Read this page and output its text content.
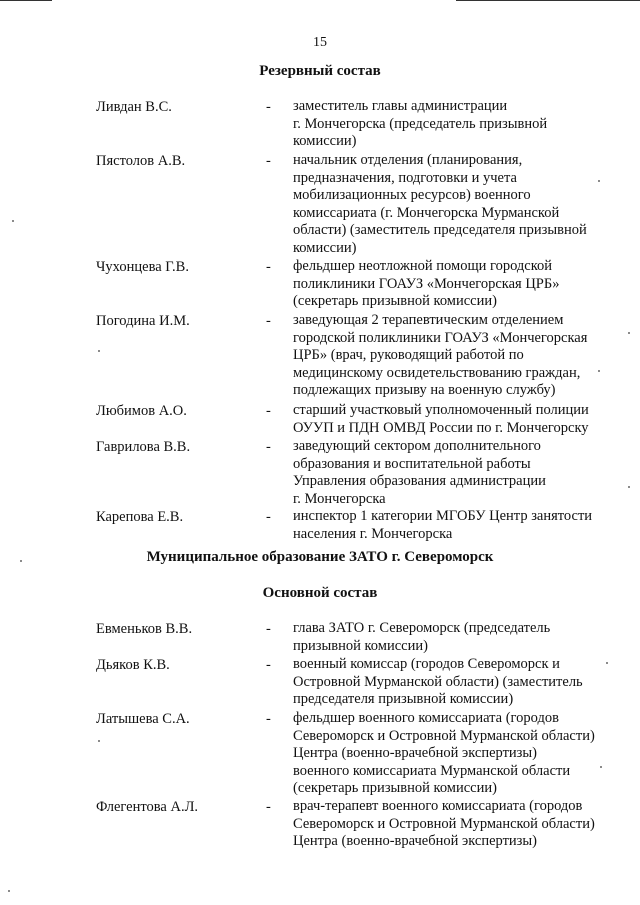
15
Резервный состав
Ливдан В.С.	- заместитель главы администрации
г. Мончегорска (председатель призывной
комиссии)
Пястолов А.В.	- начальник отделения (планирования,
предназначения, подготовки и учета
мобилизационных ресурсов) военного
комиссариата (г. Мончегорска Мурманской
области) (заместитель председателя призывной
комиссии)
Чухонцева Г.В.	- фельдшер неотложной помощи городской
поликлиники ГОАУЗ «Мончегорская ЦРБ»
(секретарь призывной комиссии)
Погодина И.М.	- заведующая 2 терапевтическим отделением
городской поликлиники ГОАУЗ «Мончегорская
ЦРБ» (врач, руководящий работой по
медицинскому освидетельствованию граждан,
подлежащих призыву на военную службу)
Любимов А.О.	- старший участковый уполномоченный полиции
ОУУП и ПДН ОМВД России по г. Мончегорску
Гаврилова В.В.	- заведующий сектором дополнительного
образования и воспитательной работы
Управления образования администрации
г. Мончегорска
Карепова Е.В.	- инспектор 1 категории МГОБУ Центр занятости
населения г. Мончегорска
Муниципальное образование ЗАТО г. Североморск
Основной состав
Евменьков В.В.	- глава ЗАТО г. Североморск (председатель
призывной комиссии)
Дьяков К.В.	- военный комиссар (городов Североморск и
Островной Мурманской области) (заместитель
председателя призывной комиссии)
Латышева С.А.	- фельдшер военного комиссариата (городов
Североморск и Островной Мурманской области)
Центра (военно-врачебной экспертизы)
военного комиссариата Мурманской области
(секретарь призывной комиссии)
Флегентова А.Л.	- врач-терапевт военного комиссариата (городов
Североморск и Островной Мурманской области)
Центра (военно-врачебной экспертизы)
